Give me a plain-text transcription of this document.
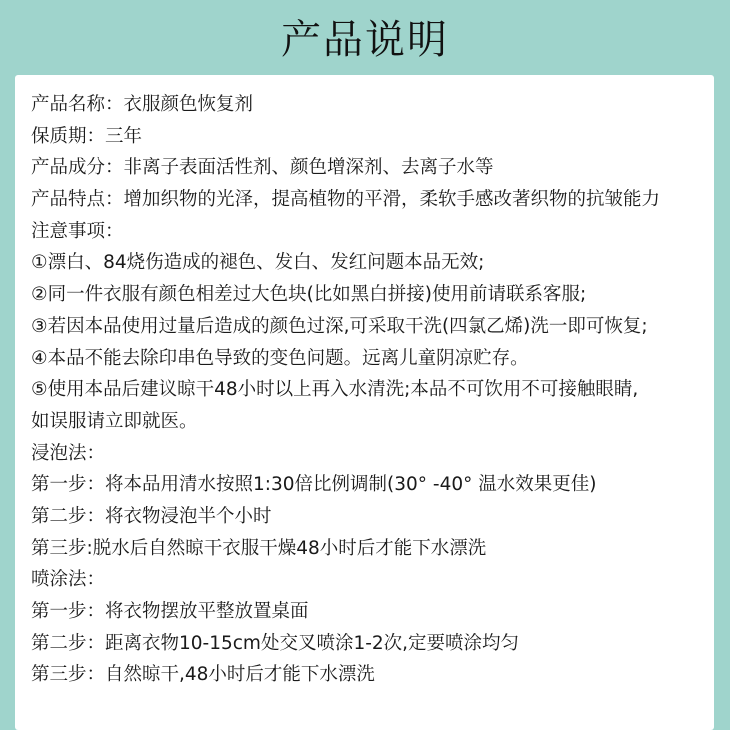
产品说明
产品名称：衣服颜色恢复剂
保质期：三年
产品成分：非离子表面活性剂、颜色增深剂、去离子水等
产品特点：增加织物的光泽，提高植物的平滑，柔软手感改著织物的抗皱能力
注意事项：
①漂白、84烧伤造成的褪色、发白、发红问题本品无效;
②同一件衣服有颜色相差过大色块(比如黑白拼接)使用前请联系客服;
③若因本品使用过量后造成的颜色过深,可采取干洗(四氯乙烯)洗一即可恢复;
④本品不能去除印串色导致的变色问题。远离儿童阴凉贮存。
⑤使用本品后建议晾干48小时以上再入水清洗;本品不可饮用不可接触眼睛,
如误服请立即就医。
浸泡法：
第一步：将本品用清水按照1:30倍比例调制(30° -40° 温水效果更佳)
第二步：将衣物浸泡半个小时
第三步:脱水后自然晾干衣服干燥48小时后才能下水漂洗
喷涂法：
第一步：将衣物摆放平整放置桌面
第二步：距离衣物10-15cm处交叉喷涂1-2次,定要喷涂均匀
第三步：自然晾干,48小时后才能下水漂洗
